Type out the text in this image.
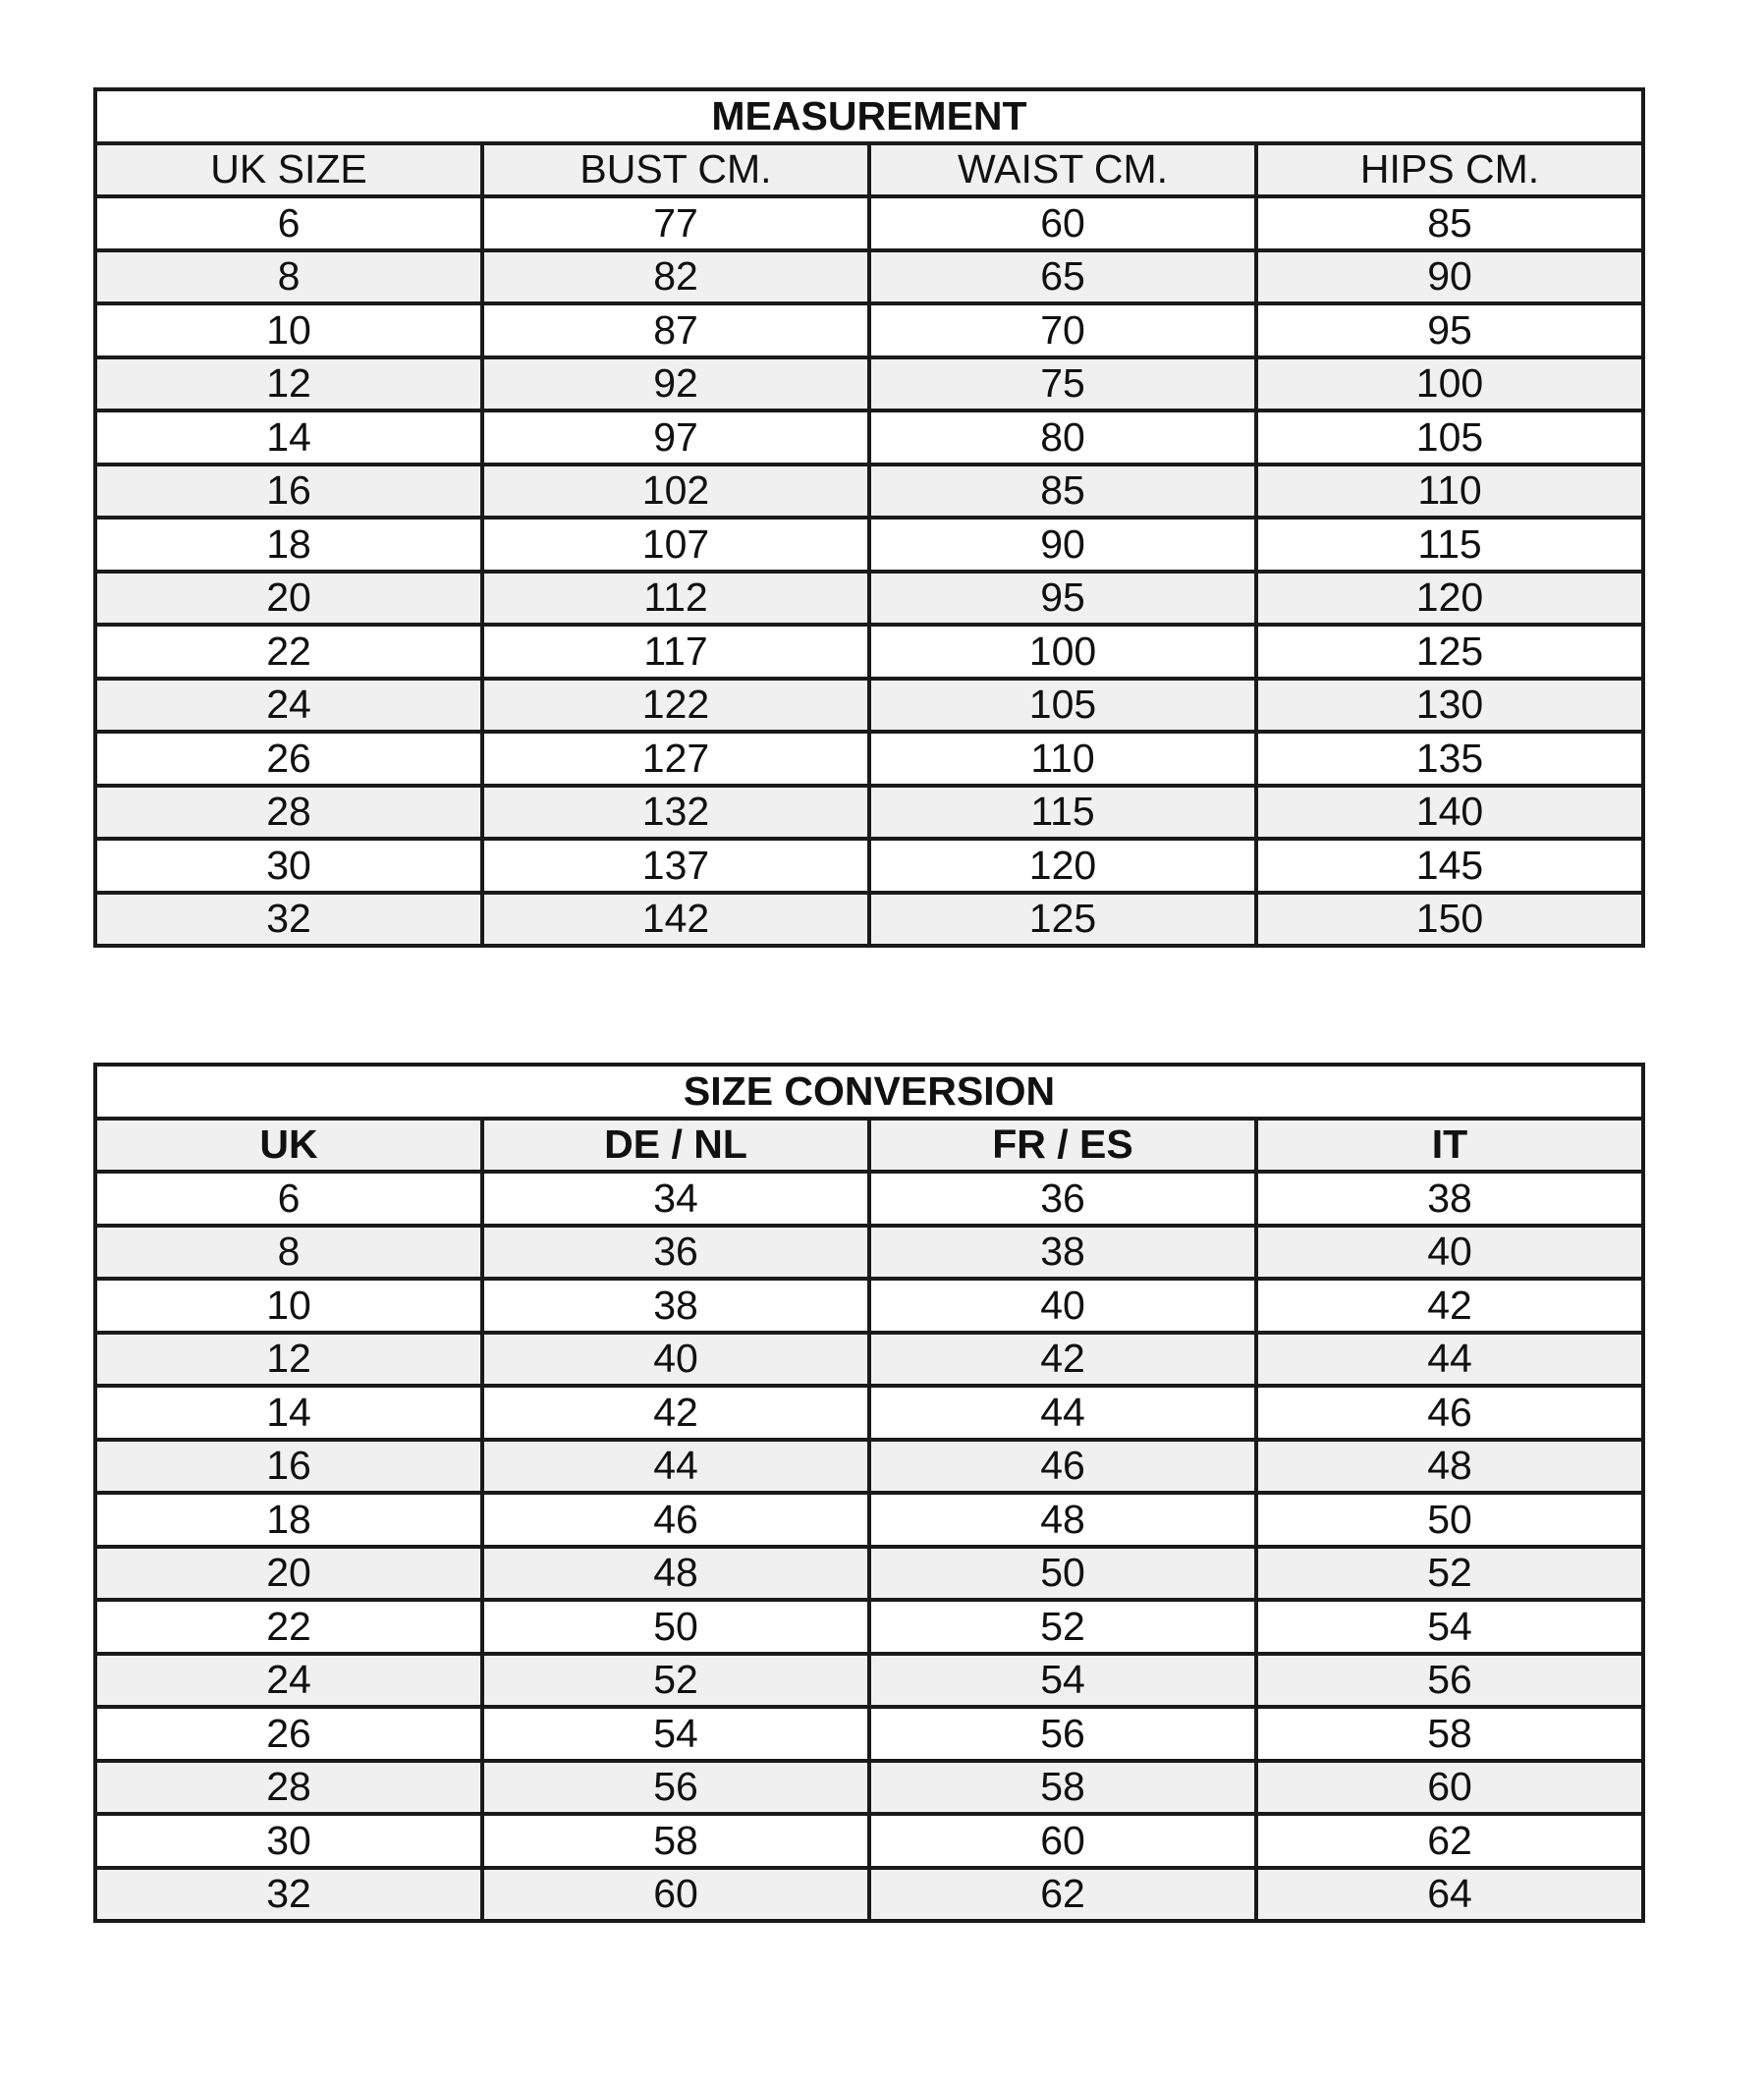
MEASUREMENT			
UK SIZE	BUST CM.	WAIST CM.	HIPS CM.
6	77	60	85
8	82	65	90
10	87	70	95
12	92	75	100
14	97	80	105
16	102	85	110
18	107	90	115
20	112	95	120
22	117	100	125
24	122	105	130
26	127	110	135
28	132	115	140
30	137	120	145
32	142	125	150
SIZE CONVERSION			
UK	DE / NL	FR / ES	IT
6	34	36	38
8	36	38	40
10	38	40	42
12	40	42	44
14	42	44	46
16	44	46	48
18	46	48	50
20	48	50	52
22	50	52	54
24	52	54	56
26	54	56	58
28	56	58	60
30	58	60	62
32	60	62	64
